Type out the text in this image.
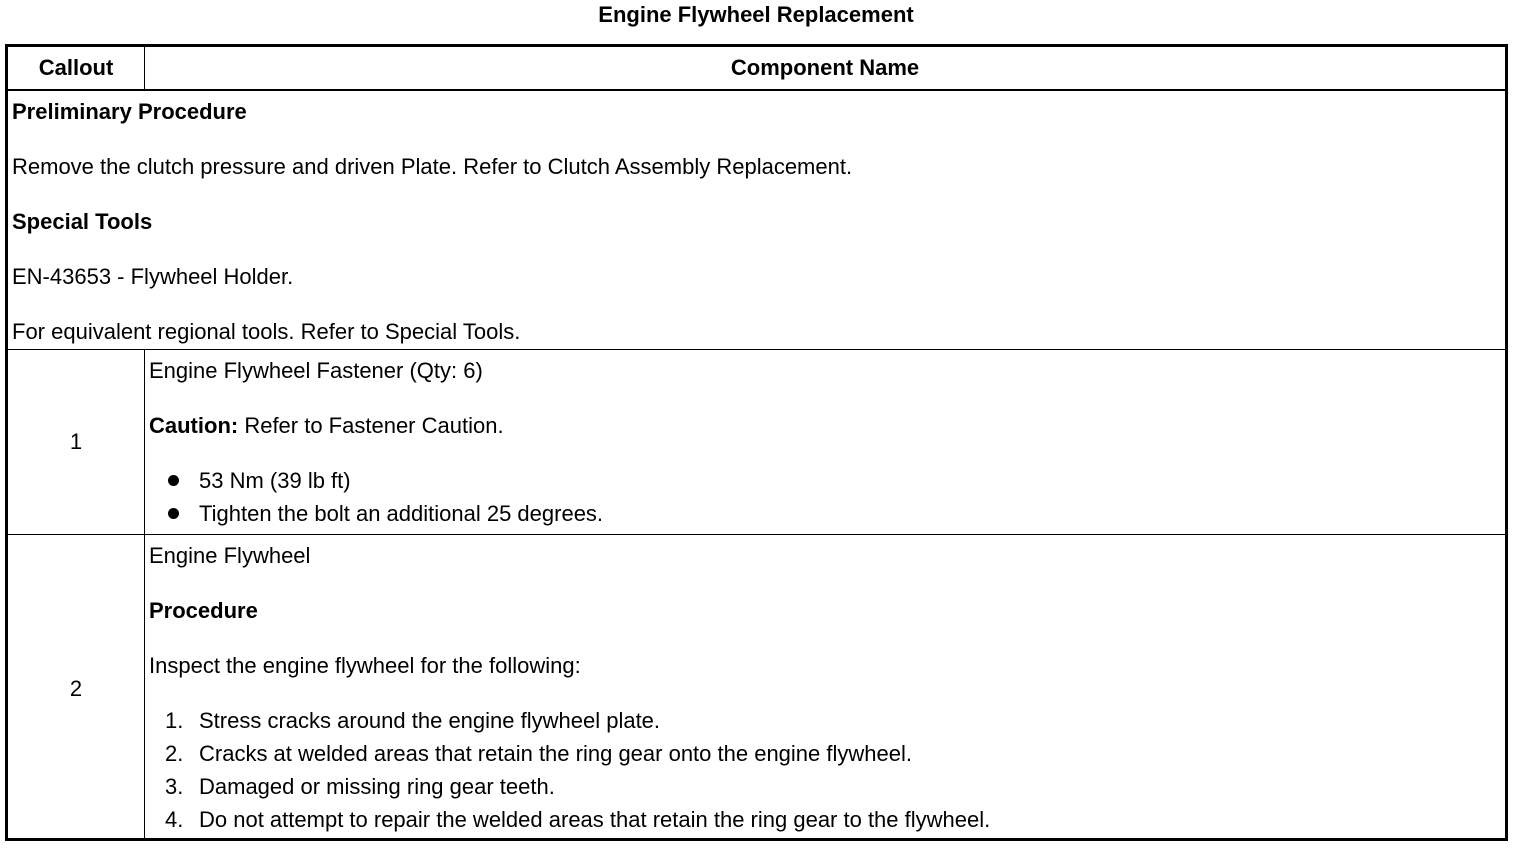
Engine Flywheel Replacement
Callout	Component Name
Preliminary Procedure
Remove the clutch pressure and driven Plate. Refer to Clutch Assembly Replacement.
Special Tools
EN-43653 - Flywheel Holder.
For equivalent regional tools. Refer to Special Tools.
1
Engine Flywheel Fastener (Qty: 6)
Caution: Refer to Fastener Caution.
53 Nm (39 lb ft)
Tighten the bolt an additional 25 degrees.
2
Engine Flywheel
Procedure
Inspect the engine flywheel for the following:
1. Stress cracks around the engine flywheel plate.
2. Cracks at welded areas that retain the ring gear onto the engine flywheel.
3. Damaged or missing ring gear teeth.
4. Do not attempt to repair the welded areas that retain the ring gear to the flywheel.
